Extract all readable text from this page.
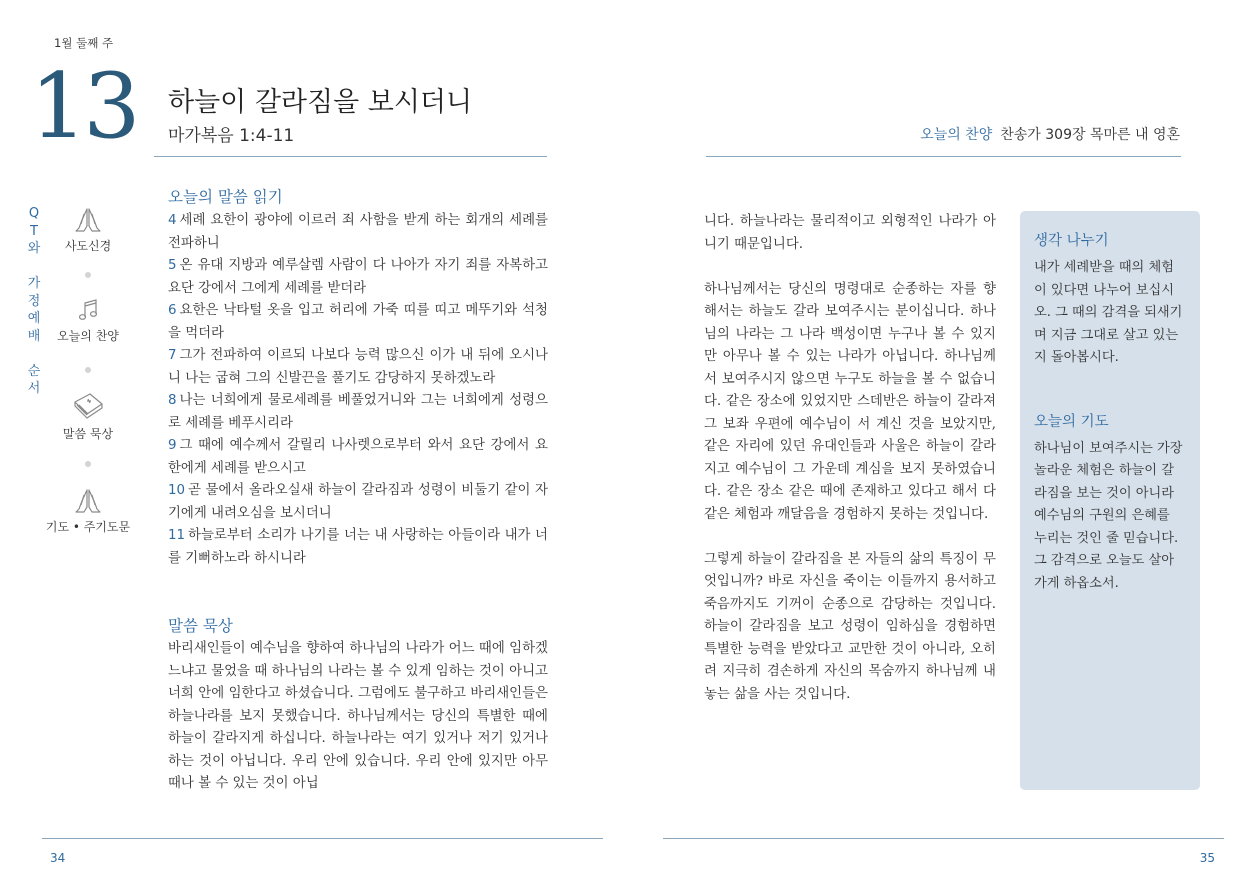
1월 둘째 주
13 하늘이 갈라짐을 보시더니
마가복음 1:4-11	오늘의 찬양 찬송가 309장 목마른 내 영혼
Q
T
와
가
정
예
배
순
서
사도신경
오늘의 찬양
말씀 묵상
기도 • 주기도문
오늘의 말씀 읽기
4 세례 요한이 광야에 이르러 죄 사함을 받게 하는 회개의 세례를 전파하니
5 온 유대 지방과 예루살렘 사람이 다 나아가 자기 죄를 자복하고 요단 강에서 그에게 세례를 받더라
6 요한은 낙타털 옷을 입고 허리에 가죽 띠를 띠고 메뚜기와 석청을 먹더라
7 그가 전파하여 이르되 나보다 능력 많으신 이가 내 뒤에 오시나니 나는 굽혀 그의 신발끈을 풀기도 감당하지 못하겠노라
8 나는 너희에게 물로세례를 베풀었거니와 그는 너희에게 성령으로 세례를 베푸시리라
9 그 때에 예수께서 갈릴리 나사렛으로부터 와서 요단 강에서 요한에게 세례를 받으시고
10 곧 물에서 올라오실새 하늘이 갈라짐과 성령이 비둘기 같이 자기에게 내려오심을 보시더니
11 하늘로부터 소리가 나기를 너는 내 사랑하는 아들이라 내가 너를 기뻐하노라 하시니라
말씀 묵상

바리새인들이 예수님을 향하여 하나님의 나라가 어느 때에 임하겠느냐고 물었을 때 하나님의 나라는 볼 수 있게 임하는 것이 아니고 너희 안에 임한다고 하셨습니다. 그럼에도 불구하고 바리새인들은 하늘나라를 보지 못했습니다. 하나님께서는 당신의 특별한 때에 하늘이 갈라지게 하십니다. 하늘나라는 여기 있거나 저기 있거나 하는 것이 아닙니다. 우리 안에 있습니다. 우리 안에 있지만 아무 때나 볼 수 있는 것이 아닙

니다. 하늘나라는 물리적이고 외형적인 나라가 아니기 때문입니다.

하나님께서는 당신의 명령대로 순종하는 자를 향해서는 하늘도 갈라 보여주시는 분이십니다. 하나님의 나라는 그 나라 백성이면 누구나 볼 수 있지만 아무나 볼 수 있는 나라가 아닙니다. 하나님께서 보여주시지 않으면 누구도 하늘을 볼 수 없습니다. 같은 장소에 있었지만 스데반은 하늘이 갈라져 그 보좌 우편에 예수님이 서 계신 것을 보았지만, 같은 자리에 있던 유대인들과 사울은 하늘이 갈라지고 예수님이 그 가운데 계심을 보지 못하였습니다. 같은 장소 같은 때에 존재하고 있다고 해서 다 같은 체험과 깨달음을 경험하지 못하는 것입니다.

그렇게 하늘이 갈라짐을 본 자들의 삶의 특징이 무엇입니까? 바로 자신을 죽이는 이들까지 용서하고 죽음까지도 기꺼이 순종으로 감당하는 것입니다. 하늘이 갈라짐을 보고 성령이 임하심을 경험하면 특별한 능력을 받았다고 교만한 것이 아니라, 오히려 지극히 겸손하게 자신의 목숨까지 하나님께 내놓는 삶을 사는 것입니다.

생각 나누기
내가 세례받을 때의 체험이 있다면 나누어 보십시오. 그 때의 감격을 되새기며 지금 그대로 살고 있는지 돌아봅시다.
오늘의 기도
하나님이 보여주시는 가장 놀라운 체험은 하늘이 갈라짐을 보는 것이 아니라 예수님의 구원의 은혜를 누리는 것인 줄 믿습니다. 그 감격으로 오늘도 살아가게 하옵소서.
34	35
